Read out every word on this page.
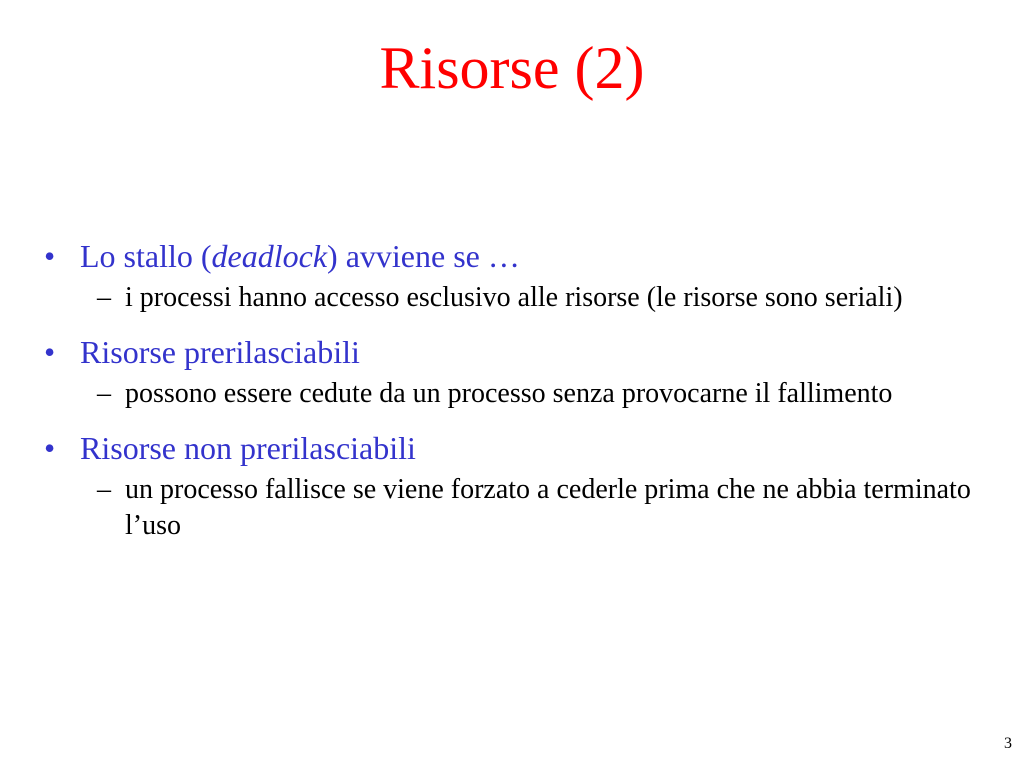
Risorse (2)
• Lo stallo (deadlock) avviene se …
– i processi hanno accesso esclusivo alle risorse (le risorse sono seriali)
• Risorse prerilasciabili
– possono essere cedute da un processo senza provocarne il fallimento
• Risorse non prerilasciabili
– un processo fallisce se viene forzato a cederle prima che ne abbia terminato l’uso
3
